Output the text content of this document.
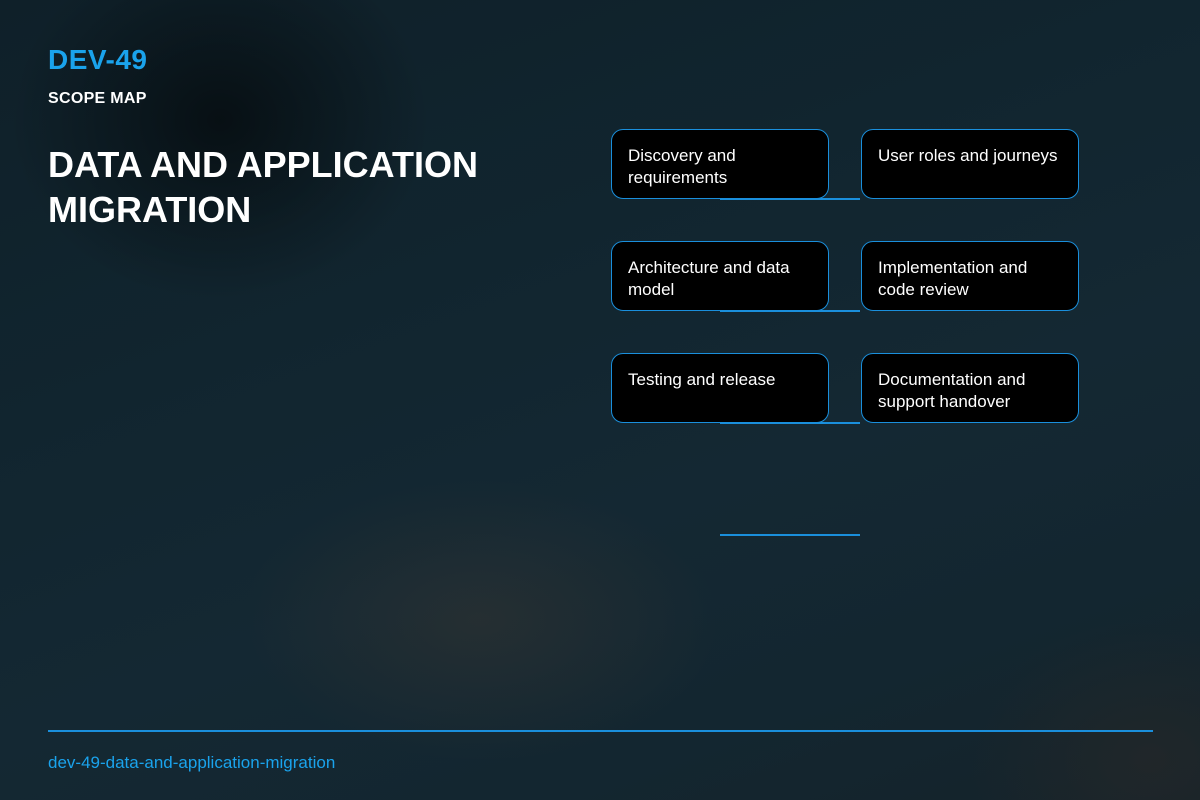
DEV-49
SCOPE MAP
DATA AND APPLICATION MIGRATION
Discovery and requirements
User roles and journeys
Architecture and data model
Implementation and code review
Testing and release	Documentation and support handover
dev-49-data-and-application-migration
